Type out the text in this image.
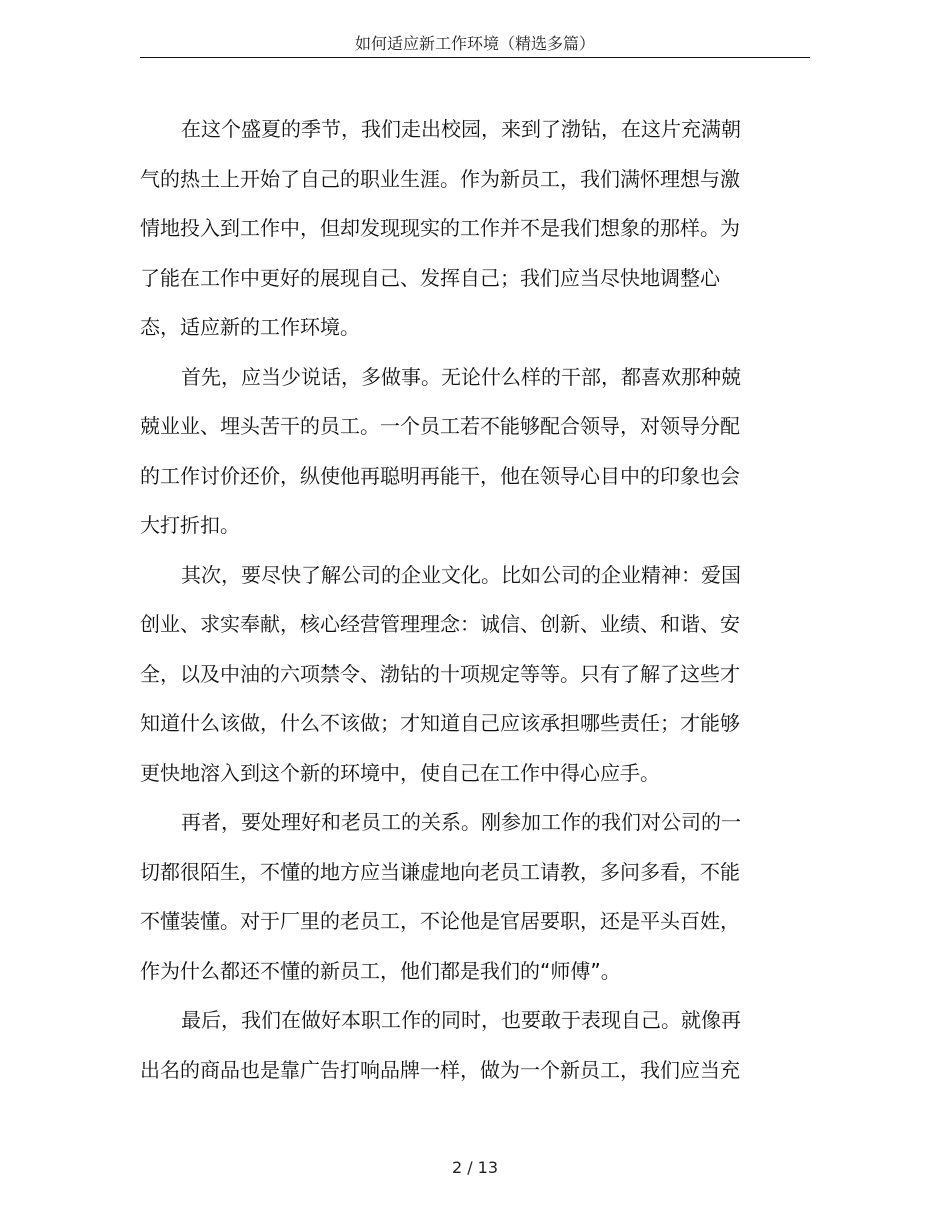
如何适应新工作环境（精选多篇）
在这个盛夏的季节，我们走出校园，来到了渤钻，在这片充满朝
气的热土上开始了自己的职业生涯。作为新员工，我们满怀理想与激
情地投入到工作中，但却发现现实的工作并不是我们想象的那样。为
了能在工作中更好的展现自己、发挥自己；我们应当尽快地调整心
态，适应新的工作环境。
首先，应当少说话，多做事。无论什么样的干部，都喜欢那种兢
兢业业、埋头苦干的员工。一个员工若不能够配合领导，对领导分配
的工作讨价还价，纵使他再聪明再能干，他在领导心目中的印象也会
大打折扣。
其次，要尽快了解公司的企业文化。比如公司的企业精神：爱国
创业、求实奉献，核心经营管理理念：诚信、创新、业绩、和谐、安
全，以及中油的六项禁令、渤钻的十项规定等等。只有了解了这些才
知道什么该做，什么不该做；才知道自己应该承担哪些责任；才能够
更快地溶入到这个新的环境中，使自己在工作中得心应手。
再者，要处理好和老员工的关系。刚参加工作的我们对公司的一
切都很陌生，不懂的地方应当谦虚地向老员工请教，多问多看，不能
不懂装懂。对于厂里的老员工，不论他是官居要职，还是平头百姓，
作为什么都还不懂的新员工，他们都是我们的“师傅”。
最后，我们在做好本职工作的同时，也要敢于表现自己。就像再
出名的商品也是靠广告打响品牌一样，做为一个新员工，我们应当充
2 / 13
